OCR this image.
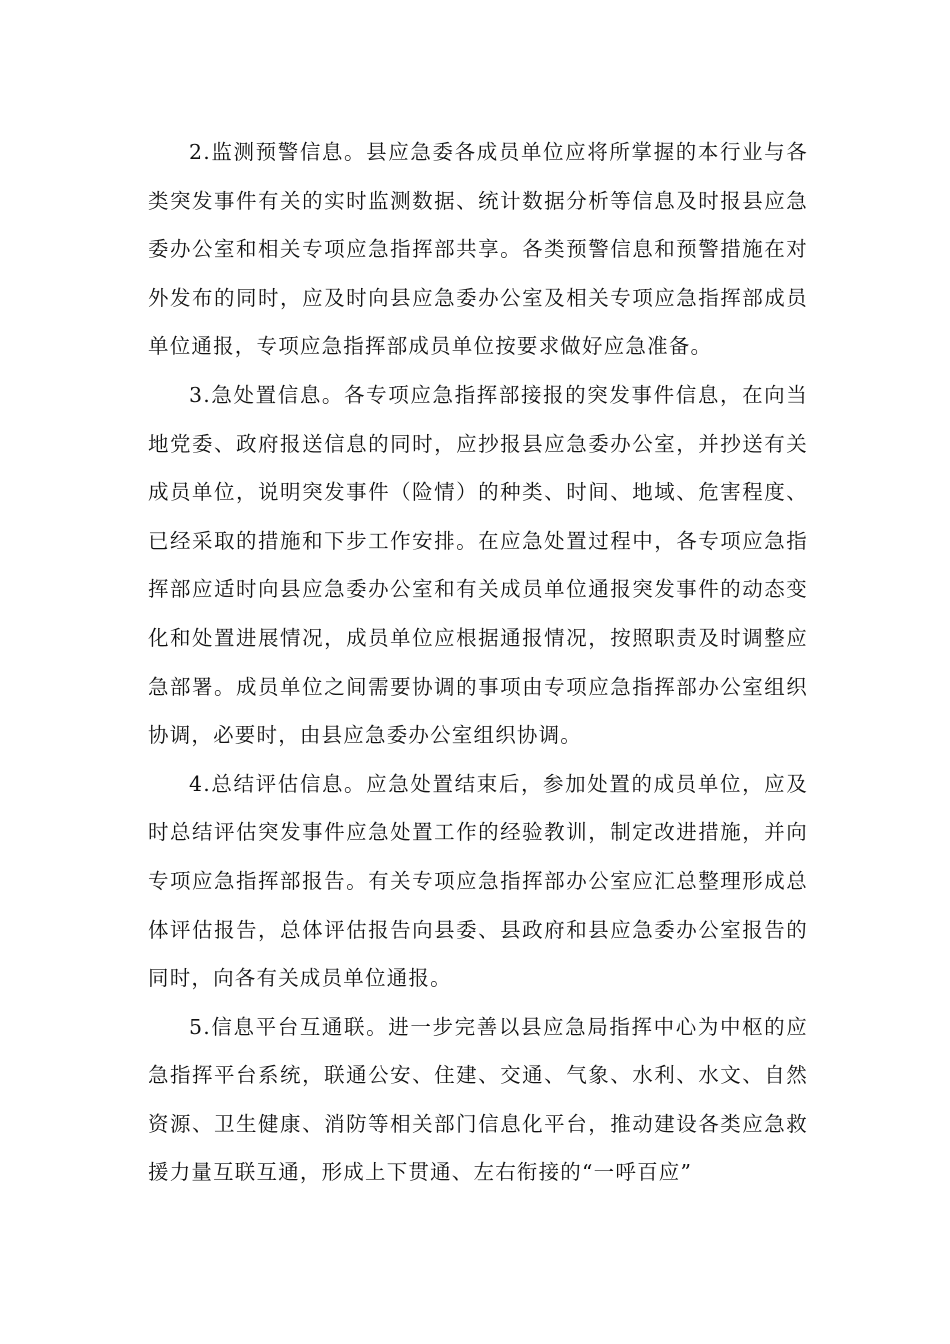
2.监测预警信息。县应急委各成员单位应将所掌握的本行业与各类突发事件有关的实时监测数据、统计数据分析等信息及时报县应急委办公室和相关专项应急指挥部共享。各类预警信息和预警措施在对外发布的同时，应及时向县应急委办公室及相关专项应急指挥部成员单位通报，专项应急指挥部成员单位按要求做好应急准备。

3.急处置信息。各专项应急指挥部接报的突发事件信息，在向当地党委、政府报送信息的同时，应抄报县应急委办公室，并抄送有关成员单位，说明突发事件（险情）的种类、时间、地域、危害程度、已经采取的措施和下步工作安排。在应急处置过程中，各专项应急指挥部应适时向县应急委办公室和有关成员单位通报突发事件的动态变化和处置进展情况，成员单位应根据通报情况，按照职责及时调整应急部署。成员单位之间需要协调的事项由专项应急指挥部办公室组织协调，必要时，由县应急委办公室组织协调。

4.总结评估信息。应急处置结束后，参加处置的成员单位，应及时总结评估突发事件应急处置工作的经验教训，制定改进措施，并向专项应急指挥部报告。有关专项应急指挥部办公室应汇总整理形成总体评估报告，总体评估报告向县委、县政府和县应急委办公室报告的同时，向各有关成员单位通报。

5.信息平台互通联。进一步完善以县应急局指挥中心为中枢的应急指挥平台系统，联通公安、住建、交通、气象、水利、水文、自然资源、卫生健康、消防等相关部门信息化平台，推动建设各类应急救援力量互联互通，形成上下贯通、左右衔接的“一呼百应”
